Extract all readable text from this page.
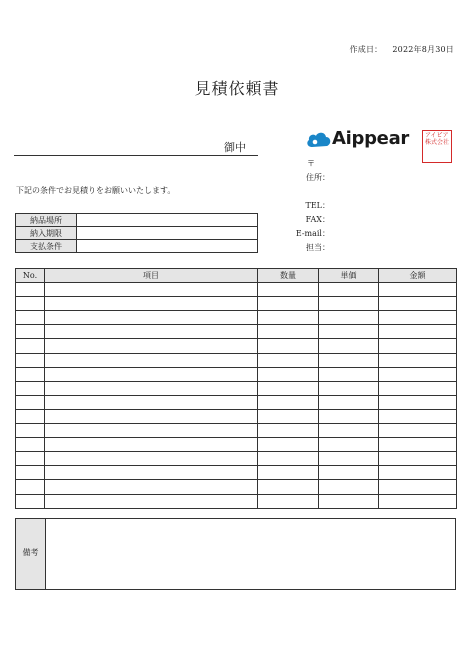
作成日： 2022年8月30日
見積依頼書
御中
下記の条件でお見積りをお願いいたします。
Aippear	アイピア株式会社
〒
住所：
TEL：
FAX：
E-mail：
担当：
納品場所	
納入期限	
支払条件	
No.	項目	数量	単価	金額

備考
